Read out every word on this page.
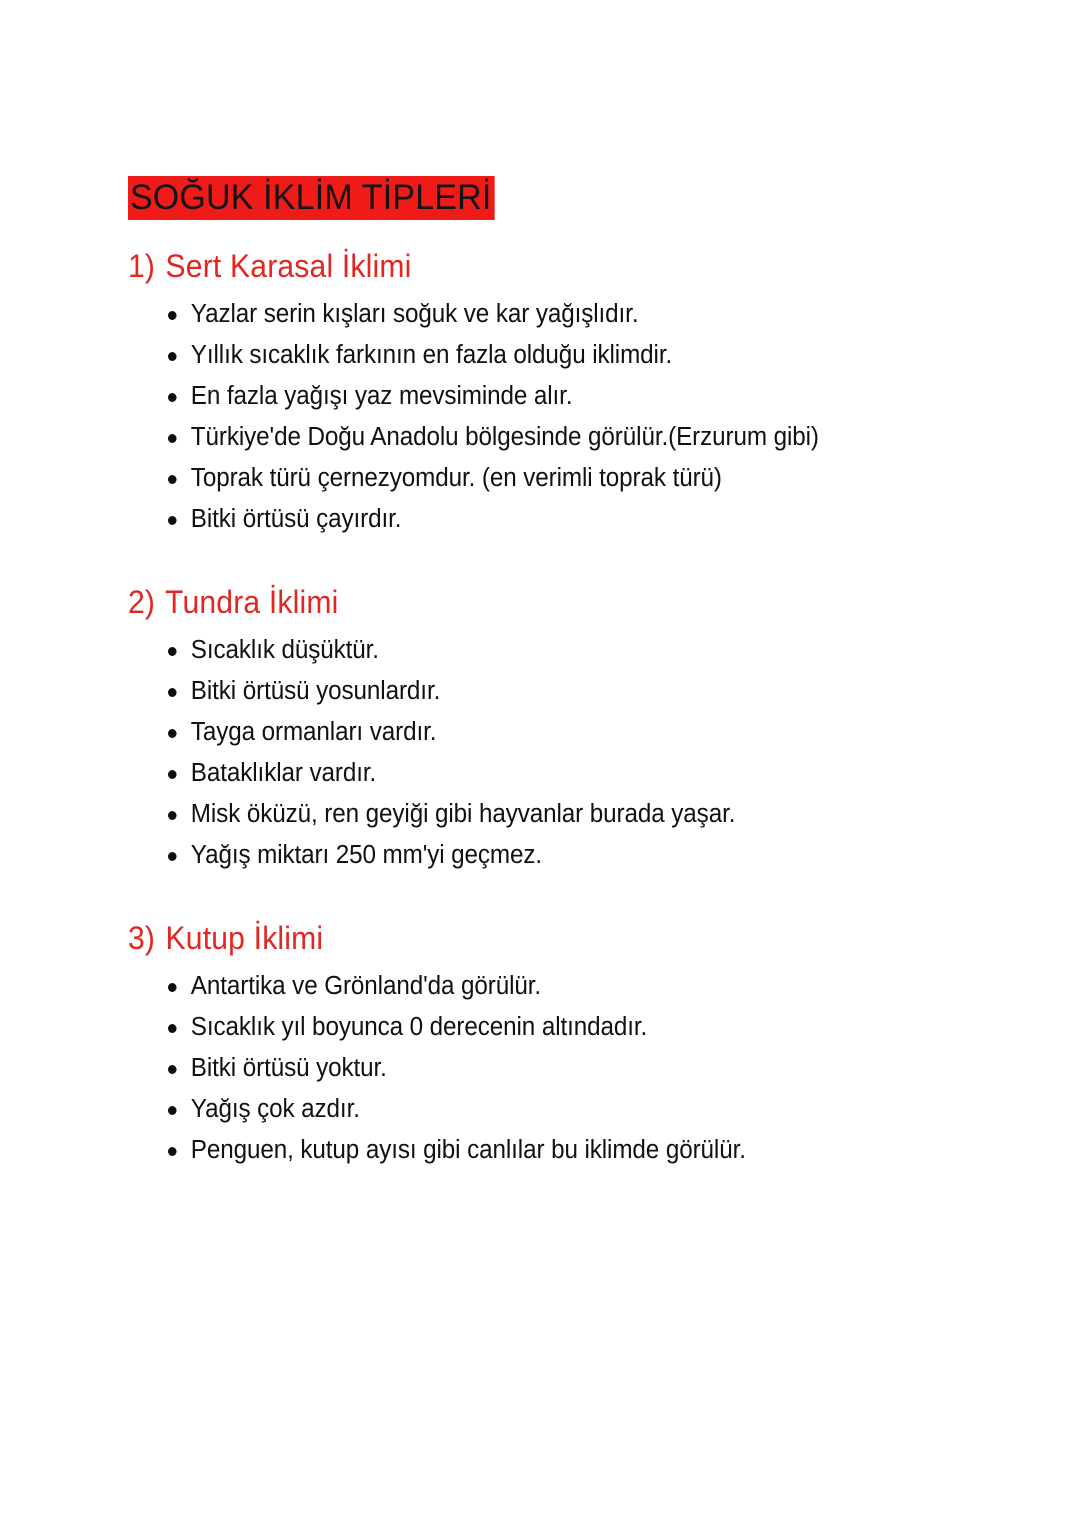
SOĞUK İKLİM TİPLERİ
1) Sert Karasal İklimi
Yazlar serin kışları soğuk ve kar yağışlıdır.
Yıllık sıcaklık farkının en fazla olduğu iklimdir.
En fazla yağışı yaz mevsiminde alır.
Türkiye'de Doğu Anadolu bölgesinde görülür.(Erzurum gibi)
Toprak türü çernezyomdur. (en verimli toprak türü)
Bitki örtüsü çayırdır.
2) Tundra İklimi
Sıcaklık düşüktür.
Bitki örtüsü yosunlardır.
Tayga ormanları vardır.
Bataklıklar vardır.
Misk öküzü, ren geyiği gibi hayvanlar burada yaşar.
Yağış miktarı 250 mm'yi geçmez.
3) Kutup İklimi
Antartika ve Grönland'da görülür.
Sıcaklık yıl boyunca 0 derecenin altındadır.
Bitki örtüsü yoktur.
Yağış çok azdır.
Penguen, kutup ayısı gibi canlılar bu iklimde görülür.
